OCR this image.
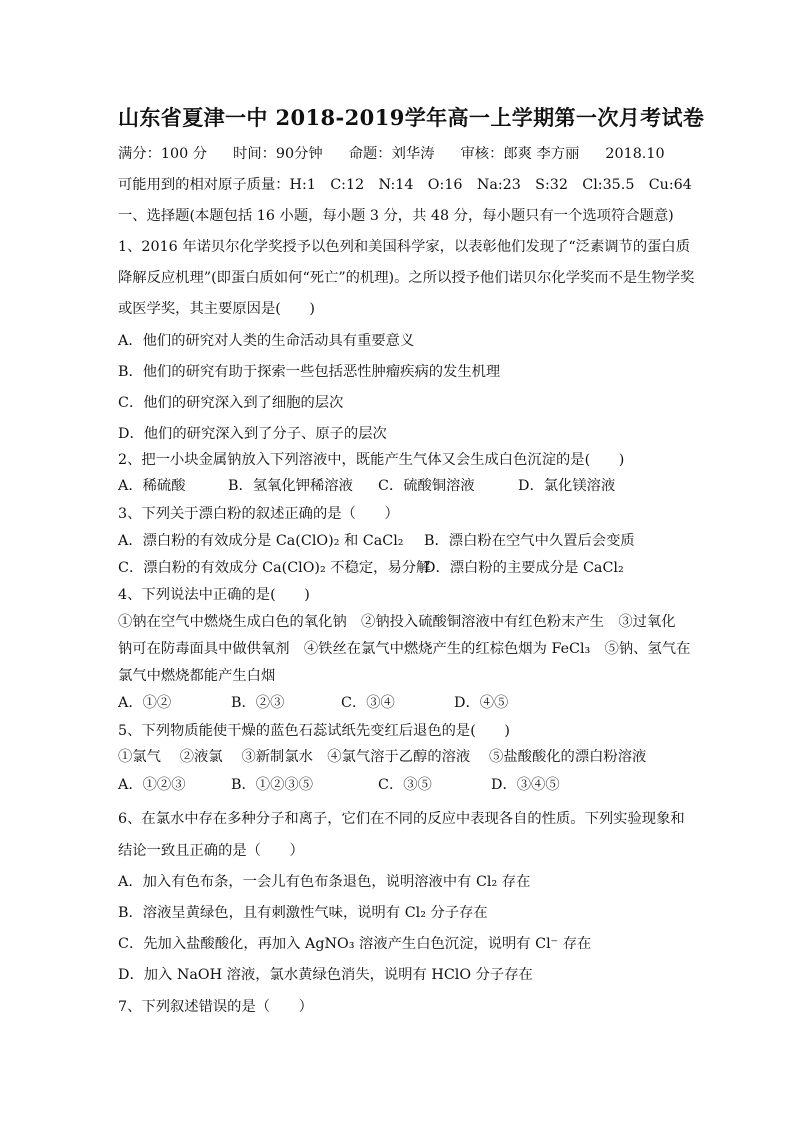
山东省夏津一中 2018-2019学年高一上学期第一次月考试卷
满分：100 分 时间：90分钟 命题：刘华涛 审核：郎爽 李方丽 2018.10
可能用到的相对原子质量：H:1　C:12　N:14　O:16　Na:23　S:32　Cl:35.5　Cu:64
一、选择题(本题包括 16 小题，每小题 3 分，共 48 分，每小题只有一个选项符合题意)
1、2016 年诺贝尔化学奖授予以色列和美国科学家，以表彰他们发现了“泛素调节的蛋白质
降解反应机理”(即蛋白质如何“死亡”的机理)。之所以授予他们诺贝尔化学奖而不是生物学奖
或医学奖，其主要原因是(　　)
A．他们的研究对人类的生命活动具有重要意义
B．他们的研究有助于探索一些包括恶性肿瘤疾病的发生机理
C．他们的研究深入到了细胞的层次
D．他们的研究深入到了分子、原子的层次
2、把一小块金属钠放入下列溶液中，既能产生气体又会生成白色沉淀的是(　　)
A．稀硫酸	B．氢氧化钾稀溶液 C．硫酸铜溶液	D．氯化镁溶液
3、下列关于漂白粉的叙述正确的是（　　）
A．漂白粉的有效成分是 Ca(ClO)₂ 和 CaCl₂ B．漂白粉在空气中久置后会变质
C．漂白粉的有效成分 Ca(ClO)₂ 不稳定，易分解D．漂白粉的主要成分是 CaCl₂
4、下列说法中正确的是(　　)
①钠在空气中燃烧生成白色的氧化钠　②钠投入硫酸铜溶液中有红色粉末产生　③过氧化
钠可在防毒面具中做供氧剂　④铁丝在氯气中燃烧产生的红棕色烟为 FeCl₃　⑤钠、氢气在
氯气中燃烧都能产生白烟
A．①②	B．②③	C．③④	D．④⑤
5、下列物质能使干燥的蓝色石蕊试纸先变红后退色的是(　　)
①氯气　 ②液氯　 ③新制氯水　④氯气溶于乙醇的溶液　 ⑤盐酸酸化的漂白粉溶液
A．①②③	B．①②③⑤	C．③⑤	D．③④⑤
6、在氯水中存在多种分子和离子，它们在不同的反应中表现各自的性质。下列实验现象和
结论一致且正确的是（　　）
A．加入有色布条，一会儿有色布条退色，说明溶液中有 Cl₂ 存在
B．溶液呈黄绿色，且有刺激性气味，说明有 Cl₂ 分子存在
C．先加入盐酸酸化，再加入 AgNO₃ 溶液产生白色沉淀，说明有 Cl⁻ 存在
D．加入 NaOH 溶液，氯水黄绿色消失，说明有 HClO 分子存在
7、下列叙述错误的是（　　）
